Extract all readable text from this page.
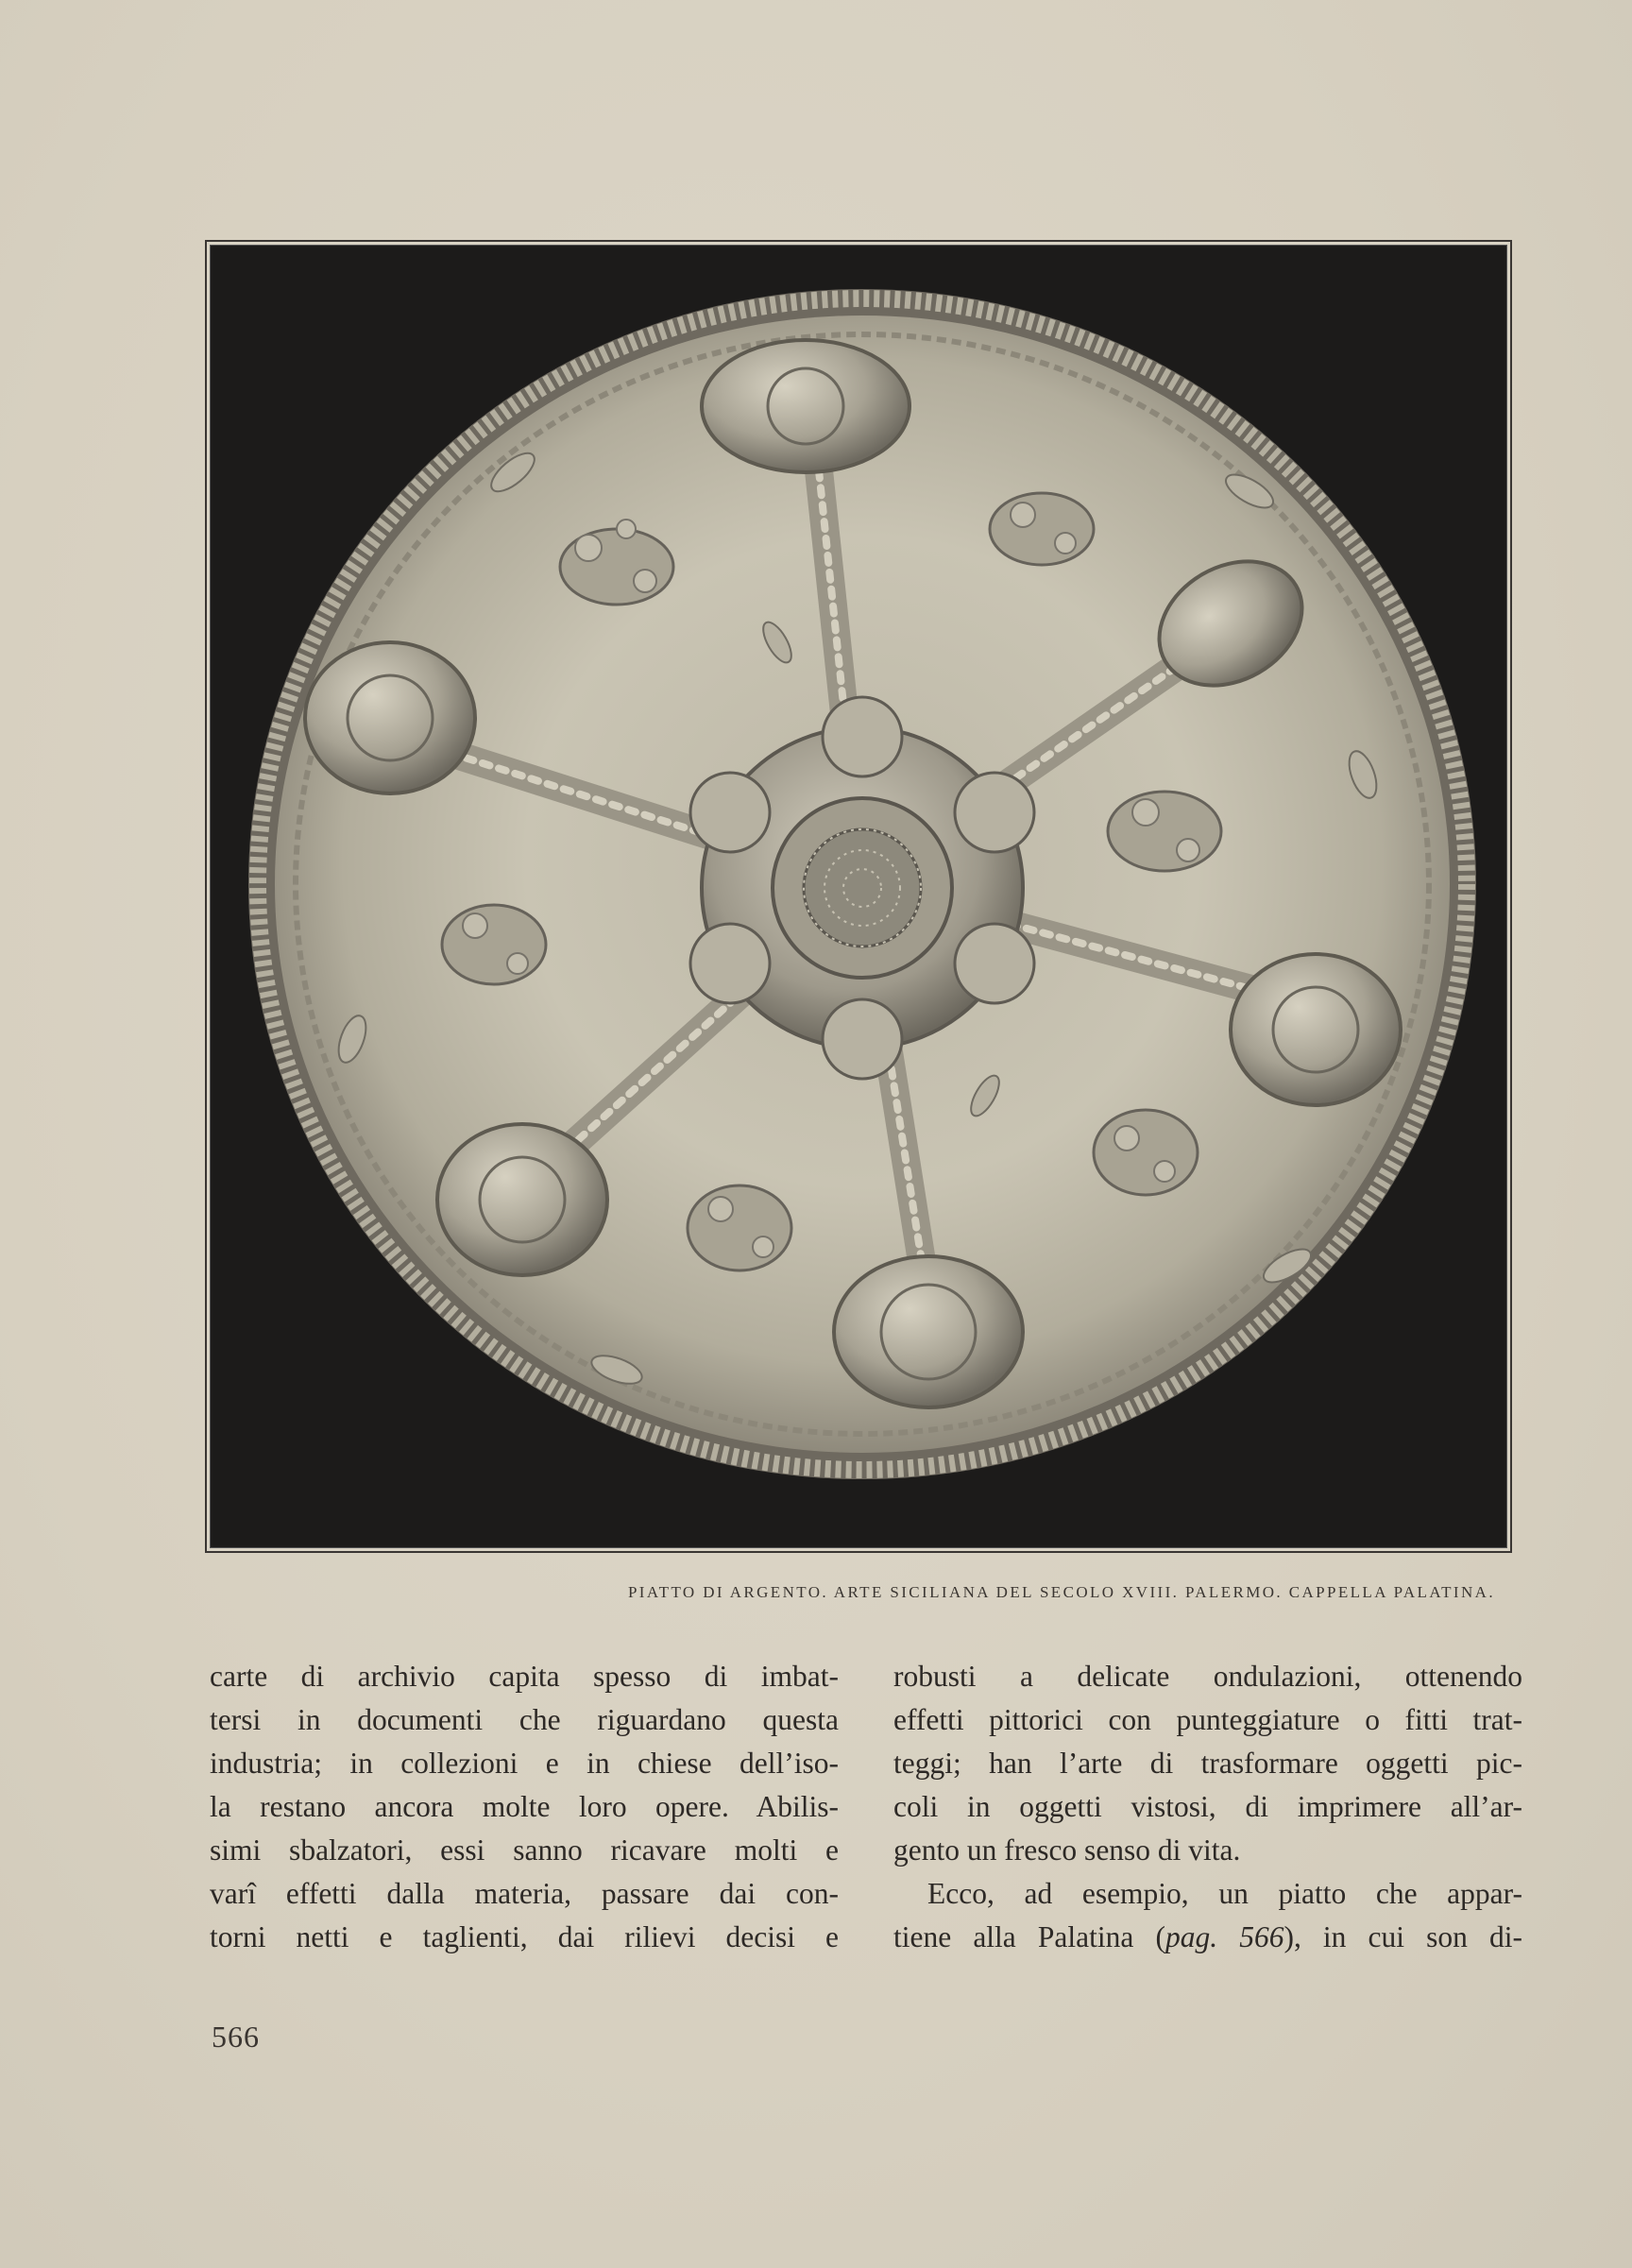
PIATTO DI ARGENTO. ARTE SICILIANA DEL SECOLO XVIII. PALERMO. CAPPELLA PALATINA.
carte di archivio capita spesso di imbat-
tersi in documenti che riguardano questa
industria; in collezioni e in chiese dell’iso-
la restano ancora molte loro opere. Abilis-
simi sbalzatori, essi sanno ricavare molti e
varî effetti dalla materia, passare dai con-
torni netti e taglienti, dai rilievi decisi e
robusti a delicate ondulazioni, ottenendo
effetti pittorici con punteggiature o fitti trat-
teggi; han l’arte di trasformare oggetti pic-
coli in oggetti vistosi, di imprimere all’ar-
gento un fresco senso di vita.
Ecco, ad esempio, un piatto che appar-
tiene alla Palatina (pag. 566), in cui son di-
566
